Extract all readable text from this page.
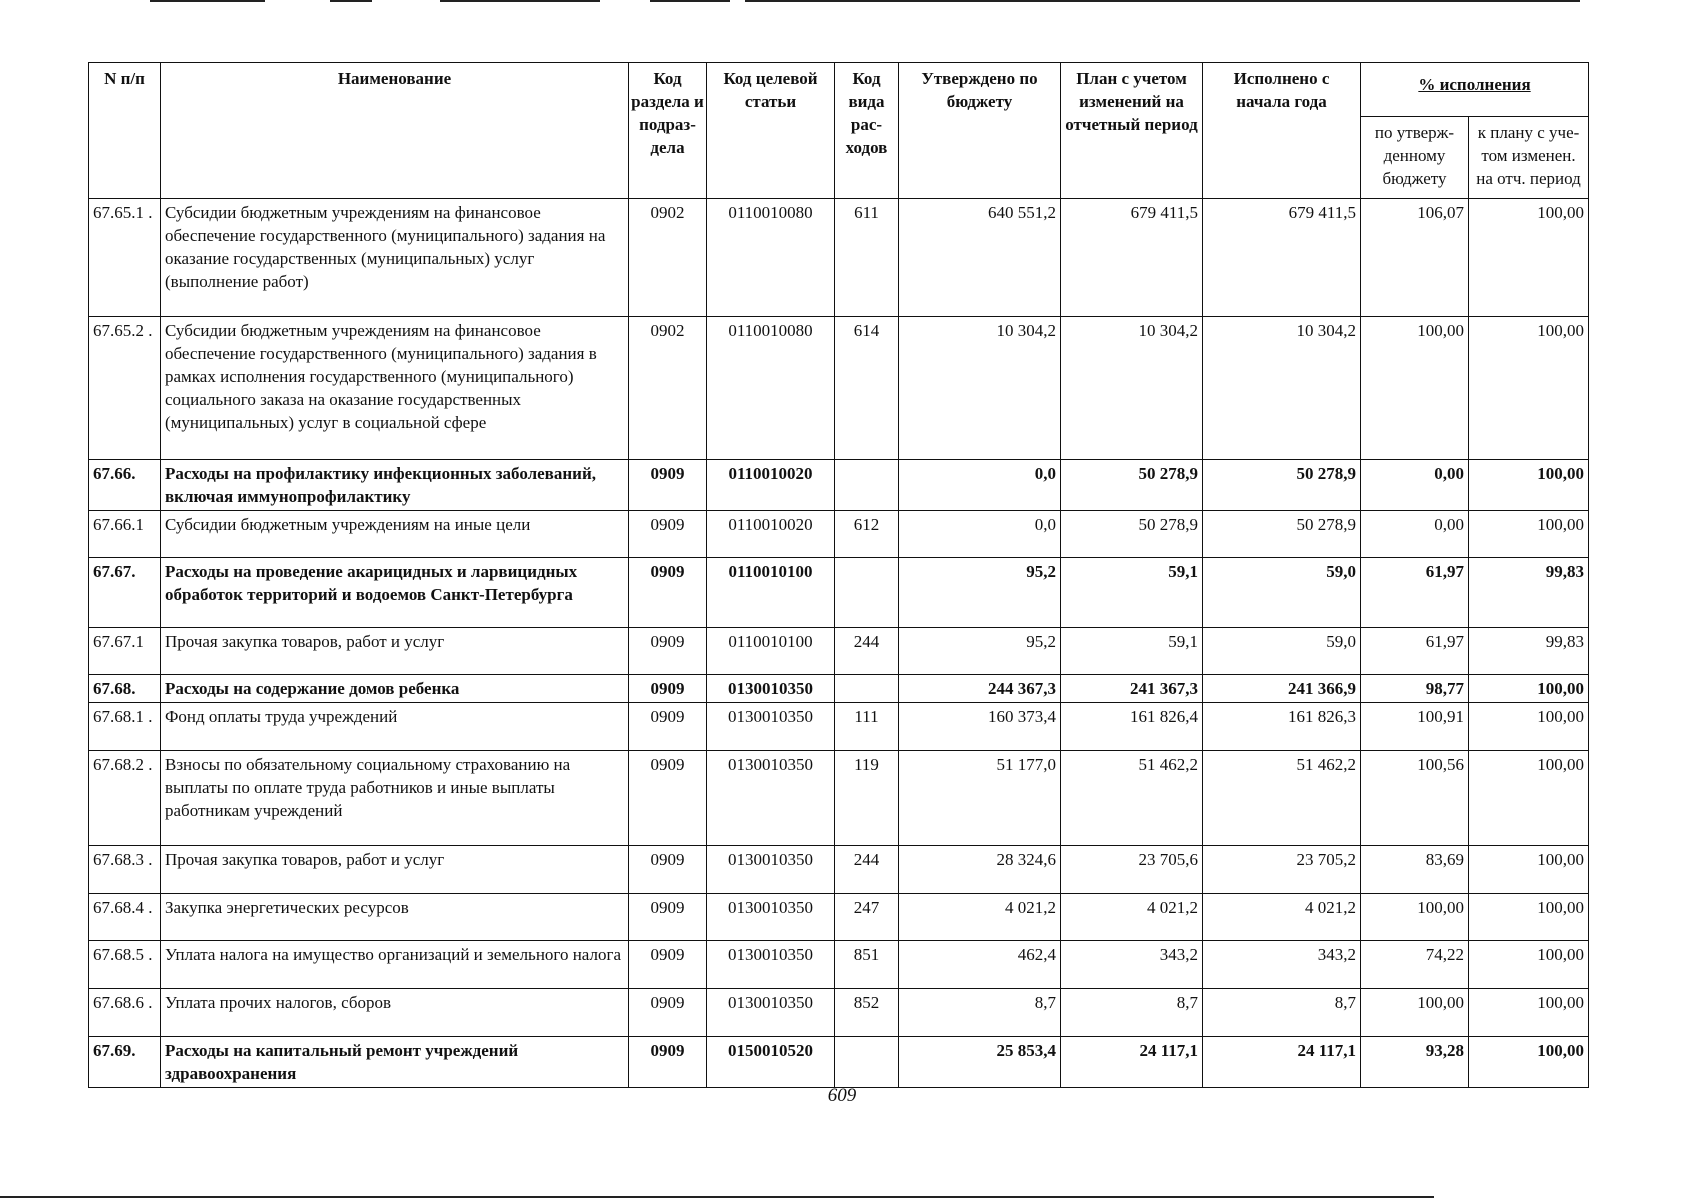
N п/п	Наименование	Код раздела и подраз- дела	Код целевой статьи	Код вида рас- ходов	Утверждено по бюджету	План с учетом изменений на отчетный период	Исполнено с начала года	% исполнения	
								по утверж- денному бюджету	к плану с уче- том изменен. на отч. период
67.65.1 .	Субсидии бюджетным учреждениям на финансовое обеспечение государственного (муниципального) задания на оказание государственных (муниципальных) услуг (выполнение работ)	0902	0110010080	611	640 551,2	679 411,5	679 411,5	106,07	100,00
67.65.2 .	Субсидии бюджетным учреждениям на финансовое обеспечение государственного (муниципального) задания в рамках исполнения государственного (муниципального) социального заказа на оказание государственных (муниципальных) услуг в социальной сфере	0902	0110010080	614	10 304,2	10 304,2	10 304,2	100,00	100,00
67.66.	Расходы на профилактику инфекционных заболеваний, включая иммунопрофилактику	0909	0110010020		0,0	50 278,9	50 278,9	0,00	100,00
67.66.1	Субсидии бюджетным учреждениям на иные цели	0909	0110010020	612	0,0	50 278,9	50 278,9	0,00	100,00
67.67.	Расходы на проведение акарицидных и ларвицидных обработок территорий и водоемов Санкт-Петербурга	0909	0110010100		95,2	59,1	59,0	61,97	99,83
67.67.1	Прочая закупка товаров, работ и услуг	0909	0110010100	244	95,2	59,1	59,0	61,97	99,83
67.68.	Расходы на содержание домов ребенка	0909	0130010350		244 367,3	241 367,3	241 366,9	98,77	100,00
67.68.1 .	Фонд оплаты труда учреждений	0909	0130010350	111	160 373,4	161 826,4	161 826,3	100,91	100,00
67.68.2 .	Взносы по обязательному социальному страхованию на выплаты по оплате труда работников и иные выплаты работникам учреждений	0909	0130010350	119	51 177,0	51 462,2	51 462,2	100,56	100,00
67.68.3 .	Прочая закупка товаров, работ и услуг	0909	0130010350	244	28 324,6	23 705,6	23 705,2	83,69	100,00
67.68.4 .	Закупка энергетических ресурсов	0909	0130010350	247	4 021,2	4 021,2	4 021,2	100,00	100,00
67.68.5 .	Уплата налога на имущество организаций и земельного налога	0909	0130010350	851	462,4	343,2	343,2	74,22	100,00
67.68.6 .	Уплата прочих налогов, сборов	0909	0130010350	852	8,7	8,7	8,7	100,00	100,00
67.69.	Расходы на капитальный ремонт учреждений здравоохранения	0909	0150010520		25 853,4	24 117,1	24 117,1	93,28	100,00
609
